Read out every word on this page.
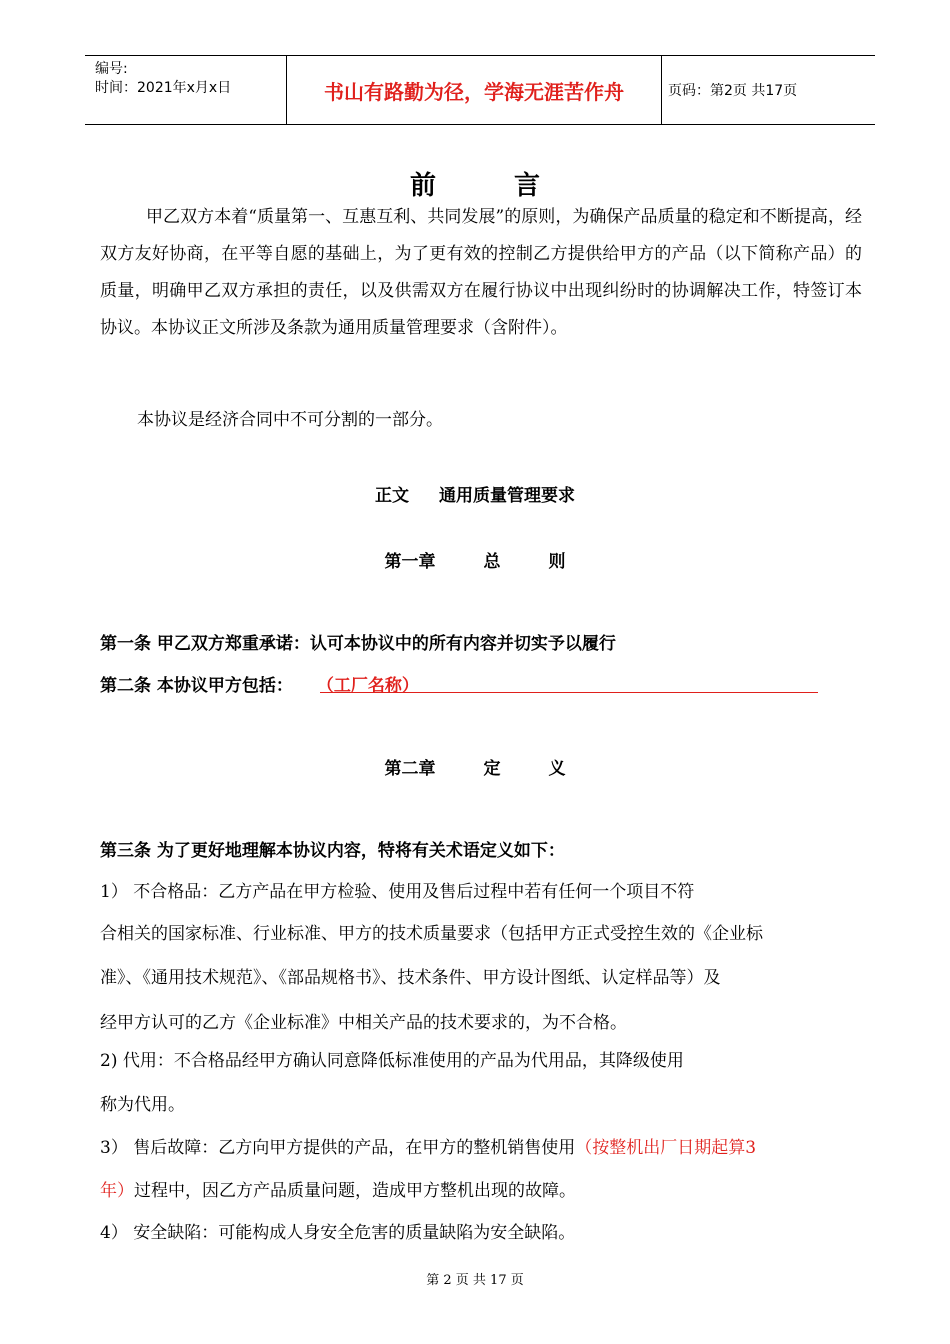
编号:
时间：2021年x月x日	书山有路勤为径，学海无涯苦作舟	页码：第2页 共17页
前	言
甲乙双方本着“质量第一、互惠互利、共同发展”的原则，为确保产品质量的稳定和不断提高，经双方友好协商，在平等自愿的基础上，为了更有效的控制乙方提供给甲方的产品（以下简称产品）的质量，明确甲乙双方承担的责任，以及供需双方在履行协议中出现纠纷时的协调解决工作，特签订本协议。本协议正文所涉及条款为通用质量管理要求（含附件）。
本协议是经济合同中不可分割的一部分。
正文 通用质量管理要求
第一章	总	则
第一条 甲乙双方郑重承诺：认可本协议中的所有内容并切实予以履行
第二条 本协议甲方包括： （工厂名称）
第二章	定	义
第三条 为了更好地理解本协议内容，特将有关术语定义如下：
1） 不合格品：乙方产品在甲方检验、使用及售后过程中若有任何一个项目不符
合相关的国家标准、行业标准、甲方的技术质量要求（包括甲方正式受控生效的《企业标
准》、《通用技术规范》、《部品规格书》、技术条件、甲方设计图纸、认定样品等）及
经甲方认可的乙方《企业标准》中相关产品的技术要求的，为不合格。
2) 代用：不合格品经甲方确认同意降低标准使用的产品为代用品，其降级使用
称为代用。
3） 售后故障：乙方向甲方提供的产品，在甲方的整机销售使用（按整机出厂日期起算3
年）过程中，因乙方产品质量问题，造成甲方整机出现的故障。
4） 安全缺陷：可能构成人身安全危害的质量缺陷为安全缺陷。
第 2 页 共 17 页
